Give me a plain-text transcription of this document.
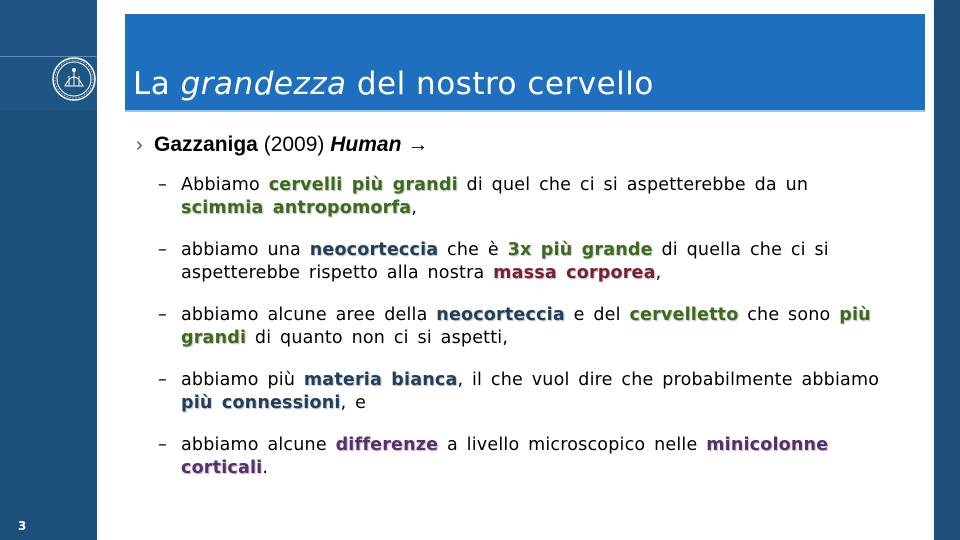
La grandezza del nostro cervello
3
› Gazzaniga (2009) Human →
– Abbiamo cervelli più grandi di quel che ci si aspetterebbe da un scimmia antropomorfa,
– abbiamo una neocorteccia che è 3x più grande di quella che ci si aspetterebbe rispetto alla nostra massa corporea,
– abbiamo alcune aree della neocorteccia e del cervelletto che sono più grandi di quanto non ci si aspetti,
– abbiamo più materia bianca, il che vuol dire che probabilmente abbiamo più connessioni, e
– abbiamo alcune differenze a livello microscopico nelle minicolonne corticali.
